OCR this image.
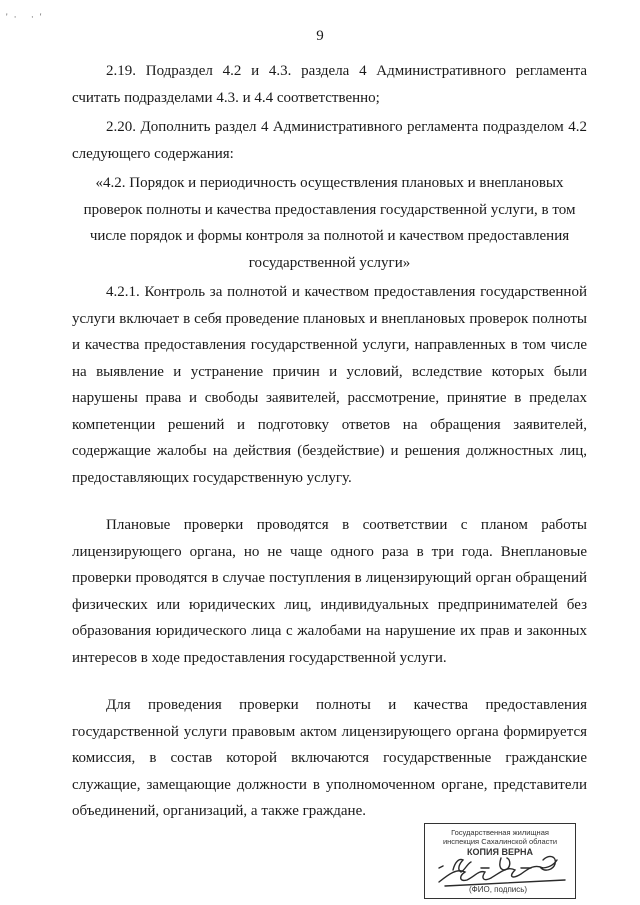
'· ·'
9

2.19. Подраздел 4.2 и 4.3. раздела 4 Административного регламента считать подразделами 4.3. и 4.4 соответственно;

2.20. Дополнить раздел 4 Административного регламента подразделом 4.2 следующего содержания:

«4.2. Порядок и периодичность осуществления плановых и внеплановых проверок полноты и качества предоставления государственной услуги, в том числе порядок и формы контроля за полнотой и качеством предоставления государственной услуги»

4.2.1. Контроль за полнотой и качеством предоставления государственной услуги включает в себя проведение плановых и внеплановых проверок полноты и качества предоставления государственной услуги, направленных в том числе на выявление и устранение причин и условий, вследствие которых были нарушены права и свободы заявителей, рассмотрение, принятие в пределах компетенции решений и подготовку ответов на обращения заявителей, содержащие жалобы на действия (бездействие) и решения должностных лиц, предоставляющих государственную услугу.

Плановые проверки проводятся в соответствии с планом работы лицензирующего органа, но не чаще одного раза в три года. Внеплановые проверки проводятся в случае поступления в лицензирующий орган обращений физических или юридических лиц, индивидуальных предпринимателей без образования юридического лица с жалобами на нарушение их прав и законных интересов в ходе предоставления государственной услуги.

Для проведения проверки полноты и качества предоставления государственной услуги правовым актом лицензирующего органа формируется комиссия, в состав которой включаются государственные гражданские служащие, замещающие должности в уполномоченном органе, представители объединений, организаций, а также граждане.

Государственная жилищная
инспекция Сахалинской области
КОПИЯ ВЕРНА
(ФИО, подпись)
